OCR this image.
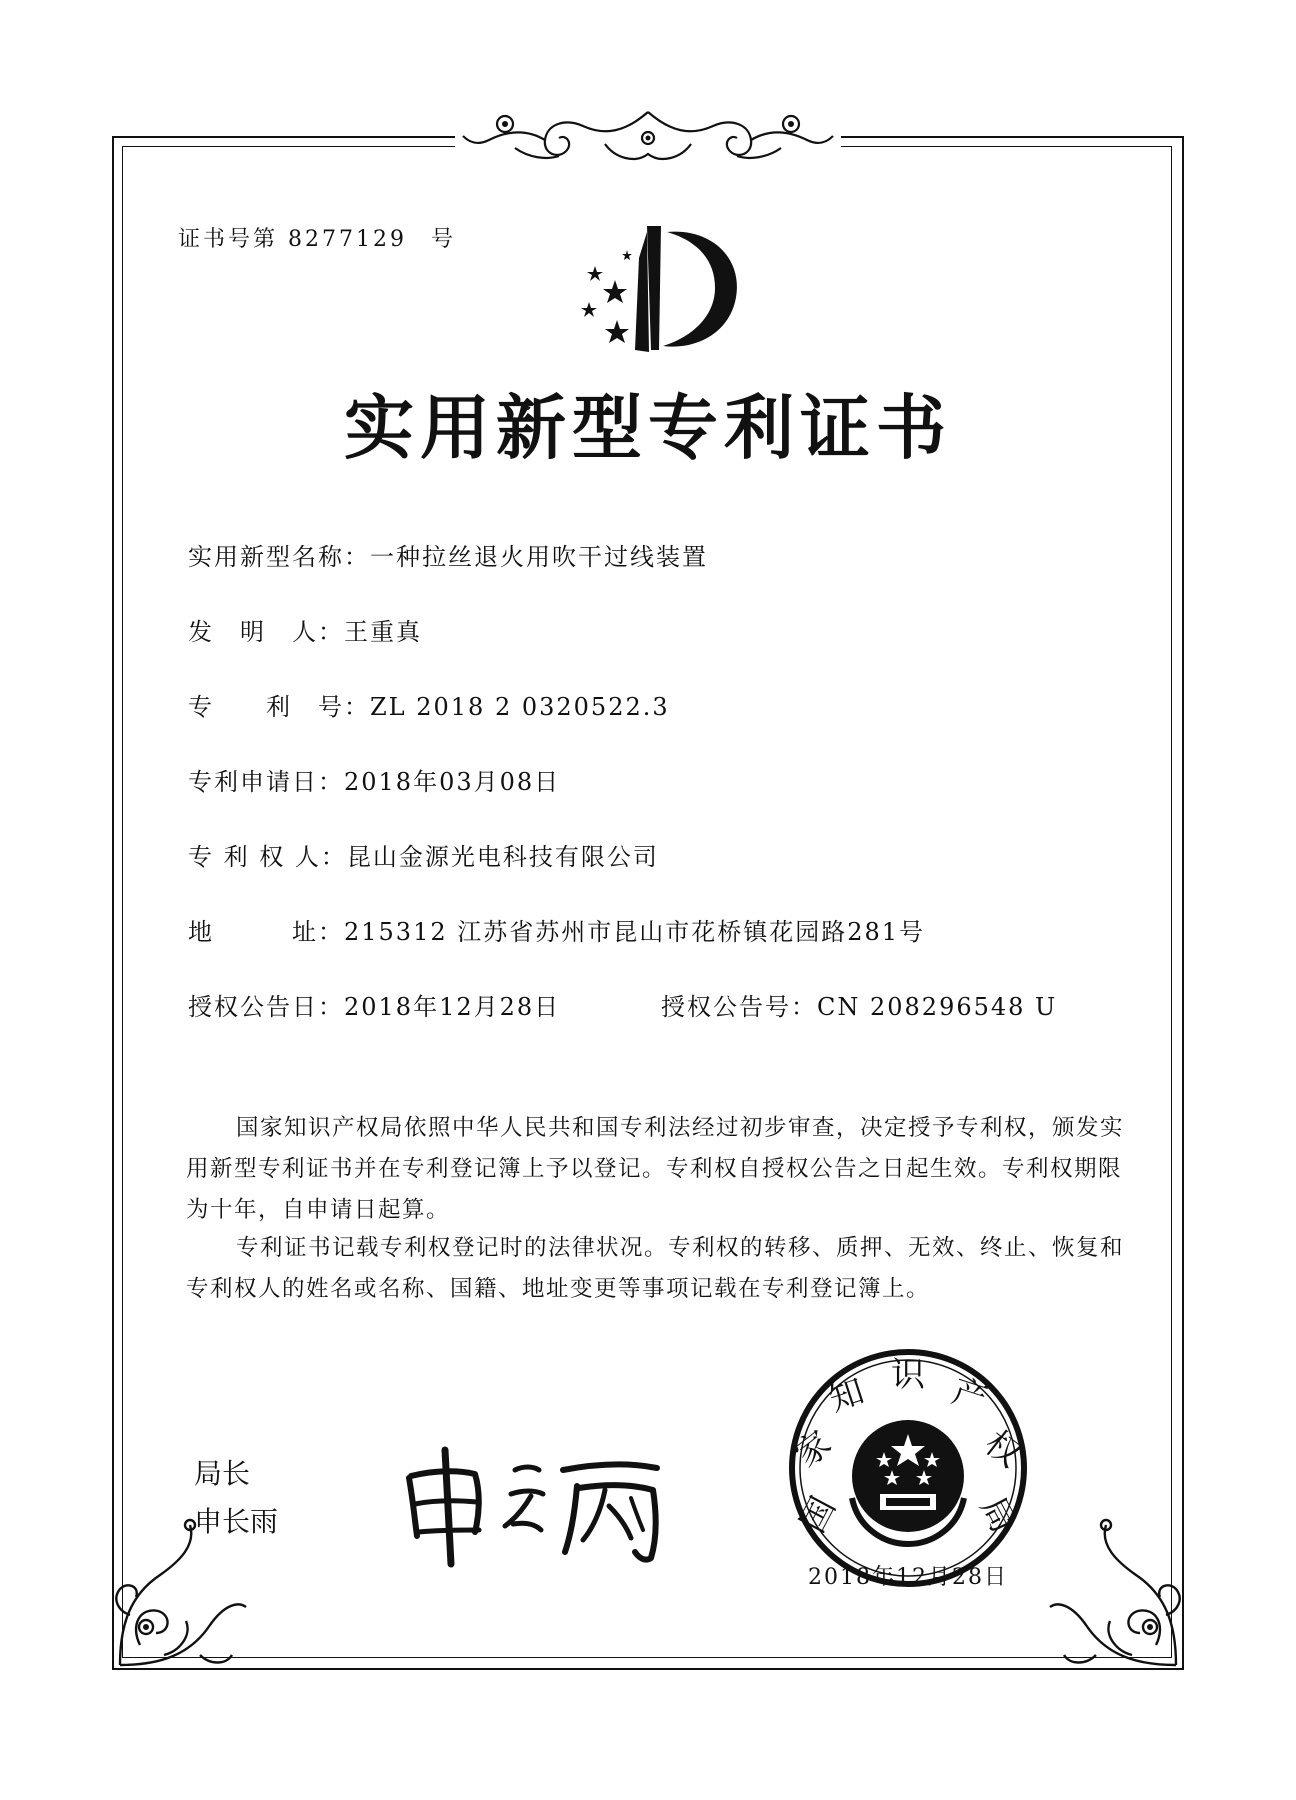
证书号第 8277129 号
实用新型专利证书
实用新型名称：一种拉丝退火用吹干过线装置
发　明　人：王重真
专　　利　号：ZL 2018 2 0320522.3
专利申请日：2018年03月08日
专 利 权 人：昆山金源光电科技有限公司
地　　　址：215312 江苏省苏州市昆山市花桥镇花园路281号
授权公告日：2018年12月28日	授权公告号：CN 208296548 U
国家知识产权局依照中华人民共和国专利法经过初步审查，决定授予专利权，颁发实用新型专利证书并在专利登记簿上予以登记。专利权自授权公告之日起生效。专利权期限为十年，自申请日起算。
专利证书记载专利权登记时的法律状况。专利权的转移、质押、无效、终止、恢复和专利权人的姓名或名称、国籍、地址变更等事项记载在专利登记簿上。
局长
申长雨	国
家
知 识 产
权
局
2018年12月28日
